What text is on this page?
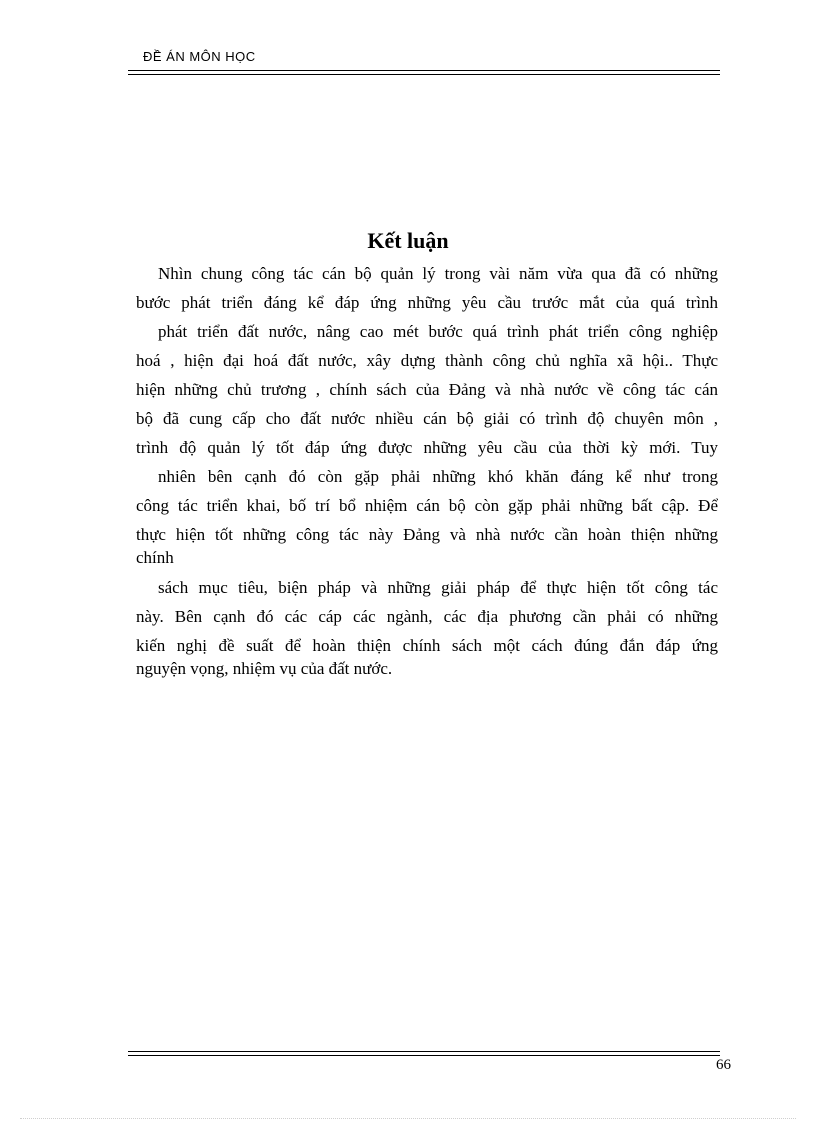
ĐỀ ÁN MÔN HỌC
Kết luận
Nhìn chung công tác cán bộ quản lý trong vài năm vừa qua đã có những
bước phát triển đáng kể đáp ứng những yêu cầu trước mắt của quá trình
phát triển đất nước, nâng cao mét bước quá trình phát triển công nghiệp
hoá , hiện đại hoá đất nước, xây dựng thành công chủ nghĩa xã hội.. Thực
hiện những chủ trương , chính sách của Đảng và nhà nước về công tác cán
bộ đã cung cấp cho đất nước nhiều cán bộ giải có trình độ chuyên môn ,
trình độ quản lý tốt đáp ứng được những yêu cầu của thời kỳ mới. Tuy
nhiên bên cạnh đó còn gặp phải những khó khăn đáng kể như trong
công tác triển khai, bố trí bổ nhiệm cán bộ còn gặp phải những bất cập. Để
thực hiện tốt những công tác này Đảng và nhà nước cần hoàn thiện những
chính
sách mục tiêu, biện pháp và những giải pháp để thực hiện tốt công tác
này. Bên cạnh đó các cáp các ngành, các địa phương cần phải có những
kiến nghị đề suất để hoàn thiện chính sách một cách đúng đắn đáp ứng
nguyện vọng, nhiệm vụ của đất nước.
66
